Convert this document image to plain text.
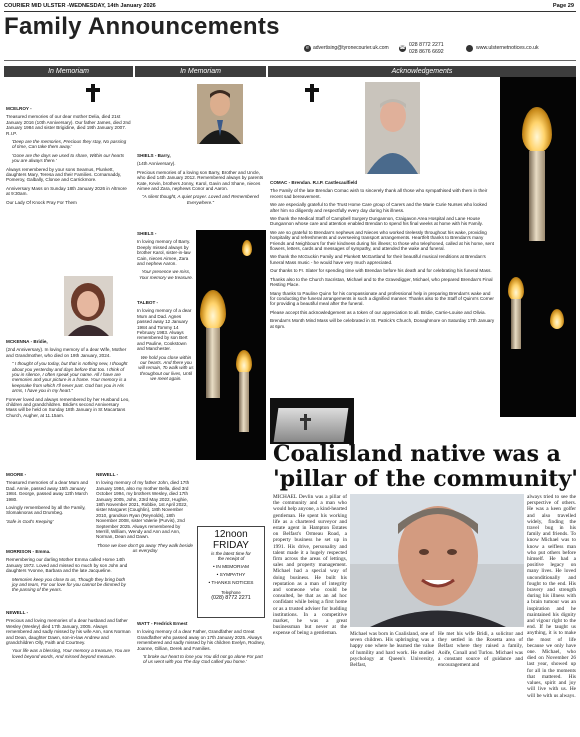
COURIER MID ULSTER -WEDNESDAY, 14th January 2026	Page 29
Family Announcements
e advertising@tyronecourier.uk.com ☎ 028 8772 2271
028 8676 6692
www.ulsternetnotices.co.uk
In Memoriam	In Memoriam	Acknowledgements

MCELROY -

Treasured memories of our dear mother Delia, died 21st January 2016 (10th Anniversary). Our father James, died 2nd January 1984 and sister Brigidine, died 19th January 2007. R.I.P.

'Deep are the memories, Precious they stay, No passing of time, Can take them away.'

'Gone are the days we used to share, Within our hearts you are always there.'

Always remembered by your sons Seamus, Plunkett, daughters Mary, Teresa and their Families. Cornamaddy, Pomeroy, Galbally, Clonoe and Carrickmore.

Anniversary Mass on Sunday 18th January 2026 in Altmore at 9:30am.

Our Lady Of Knock Pray For Them

MCKENNA - Bridie,

(2nd Anniversary). In loving memory of a dear Wife, Mother and Grandmother, who died on 19th January, 2024.

" I thought of you today, but that is nothing new, I thought about you yesterday and days before that too. I think of you in silence, I often speak your name. All I have are memories and your picture in a frame. Your memory is a keepsake from which I'll never part. God has you in His arms, I have you in my heart."

Forever loved and always remembered by her Husband Leo, children and grandchildren. Bridie's second Anniversary Mass will be held on Sunday 18th January in St Macartans Church, Augher, at 11.15am.

MOORE -

Treasured memories of a dear Mum and Dad. Annie, passed away 15th January 1984. George, passed away 12th March 1980.

Lovingly remembered by all the Family, Slomaknoras and Drumbeg.

'Safe in God's Keeping'

NEWELL -

In loving memory of my father John, died 17th January 1984, also my mother Bella, died 3rd October 1994, my brothers Wesley, died 17th January 2005, John, 23rd May 2022, Hughie, 18th November 2021, Robbie, 1st April 2022, sister Margaret (Coughlin), 18th November 2010, grandson Ryan (Reynolds), 18th November 2008, sister Valerie (Purvis), 2nd September 2025. Always remembered by Merrill, William, Wendy and Ann and Ann, Norman, Dean and Dawn.

Those we love don't go away They walk beside us everyday

MORRISON - Emma.

Remembering our darling Mother Emma called Home 14th January 1972. Loved and missed so much by son John and daughters Yvonne, Barbara and the late Jacqueline.

Memories keep you close to us, Though they bring both joy and tears, For our love for you cannot be dimmed by the passing of the years.

NEWELL -

Precious and loving memories of a dear husband and father Wesley (Wesley) died 17th January, 2005. Always remembered and sadly missed by his wife Ann, sons Norman and Dean, daughter Dawn, son-in-law Andrew and grandchildren Olly, Faith and Courtney.

Your life was a blessing, Your memory a treasure, You are loved beyond words, And missed beyond measure.

SHIELS - Barry,

(14th Anniversary).

Precious memories of a loving son Barry, Brother and Uncle, who died 14th January 2012. Remembered always by parents Kate, Kevin, brothers Jonny, Karol, Gavin and Shane, nieces Aimee and Zara, nephews Conor and Aaron.

"A silent thought, A quiet prayer. Loved and Remembered Everywhere."

SHIELS -

In loving memory of Barry. Deeply missed always by brother Karol, sister-in-law Cain, nieces Aimee, Zara and nephew Aaron.

Your presence we miss, Your memory we treasure.

TALBOT -

In loving memory of a dear Mum and Dad. Agnes passed away 12 January 1984 and Tommy 14 February 1983. Always remembered by son Bert and Pauline, Cookstown and Manchester.

We hold you close within our hearts. And there you will remain, To walk with us throughout our lives, Until we meet again.

12noon
FRIDAY
is the latest time for
the receipt of
• IN MEMORIAM
• SYMPATHY
• THANKS NOTICES
Telephone
(028) 8772 2271

WATT - Fredrick Ernest

In loving memory of a dear Father, Grandfather and Great Grandfather who passed away on 17th January 2025. Always remembered and sadly missed by his children Evelyn, Rodney, Joanne, Gillian, Derek and Families.

'It broke our heart to lose you You did not go alone For part of us went with you The day God called you home.'

COMAC - Brendan. R.I.P. Castlecaulfield

The Family of the late Brendan Comac wish to sincerely thank all those who sympathised with them in their recent sad bereavement.

We are especially grateful to the Trust Home Care group of Carers and the Marie Curie Nurses who looked after him so diligently and respectfully every day during his illness.

We thank the Medical Staff of Campbell Surgery Dungannon, Craigavon Area Hospital and Lane House Dungannon whose care and attention enabled Brendan to spend his final weeks at home with his Family.

We are so grateful to Brendan's nephews and Nieces who worked tirelessly throughout his wake, providing hospitality and refreshments and overseeing transport arrangements. Heartfelt thanks to Brendan's many Friends and Neighbours for their kindness during his illness; to those who telephoned, called at his home, sent flowers, letters, cards and messages of sympathy, and attended the wake and funeral.

We thank the McGuckin Family and Plunkett McGartland for their beautiful musical renditions at Brendan's funeral Mass music - he would have very much appreciated.

Our thanks to Fr. Slater for spending time with Brendan before his death and for celebrating his funeral Mass.

Thanks also to the Church Sacristan, Michael and to the Gravedigger, Michael, who prepared Brendan's Final Resting Place.

Many thanks to Pauline Quinn for his compassionate and professional help in preparing Brendan's wake and for conducting the funeral arrangements in such a dignified manner. Thanks also to the Staff of Quinn's Corner for providing a beautiful meal after the funeral.

Please accept this acknowledgement as a token of our appreciation to all. Bridie, Carrie-Louise and Olivia.

Brendan's Month Mind Mass will be celebrated in St. Patrick's Church, Donaghmore on Saturday 17th January at 6pm.

Coalisland native was a
'pillar of the community'
MICHAEL Devlin was a pillar of the community and a man who would help anyone, a kind-hearted gentleman. He spent his working life as a chartered surveyor and estate agent in Hampton Estates on Belfast's Ormeau Road, a property business he set up in 1991. His drive, personality and talent made it a hugely respected firm across the areas of lettings, sales and property management. Michael had a special way of doing business. He built his reputation as a man of integrity and someone who could be consulted, be that as an ad hoc confidant while being a first home or as a trusted adviser for budding institutions. In a competitive market, he was a great businessman but never at the expense of being a gentleman.	Michael was born in Coalisland, one of seven children. His upbringing was a happy one where he learned the value of humility and hard work. He studied psychology at Queen's University, Belfast,
He met his wife Bridi, a solicitor and they settled in the Rosetta area of Belfast where they raised a family, Aoife, Conall and Turlou. Michael was a constant source of guidance and encouragement and
always tried to see the perspective of others. He was a keen golfer and also travelled widely, finding the travel bug in his family and friends. To know Michael was to know a selfless man who put others before himself. He had a positive legacy on many lives. He loved unconditionally and fought to the end. His bravery and strength during his illness with a brain tumour was an inspiration and he maintained his dignity and vigour right to the end. If he taught us anything, it is to make the most of life because we only have one. Michael, who died on November 26 last year, showed up for all in the moments that mattered. His values, spirit and joy will live with us. He will be with us always.
